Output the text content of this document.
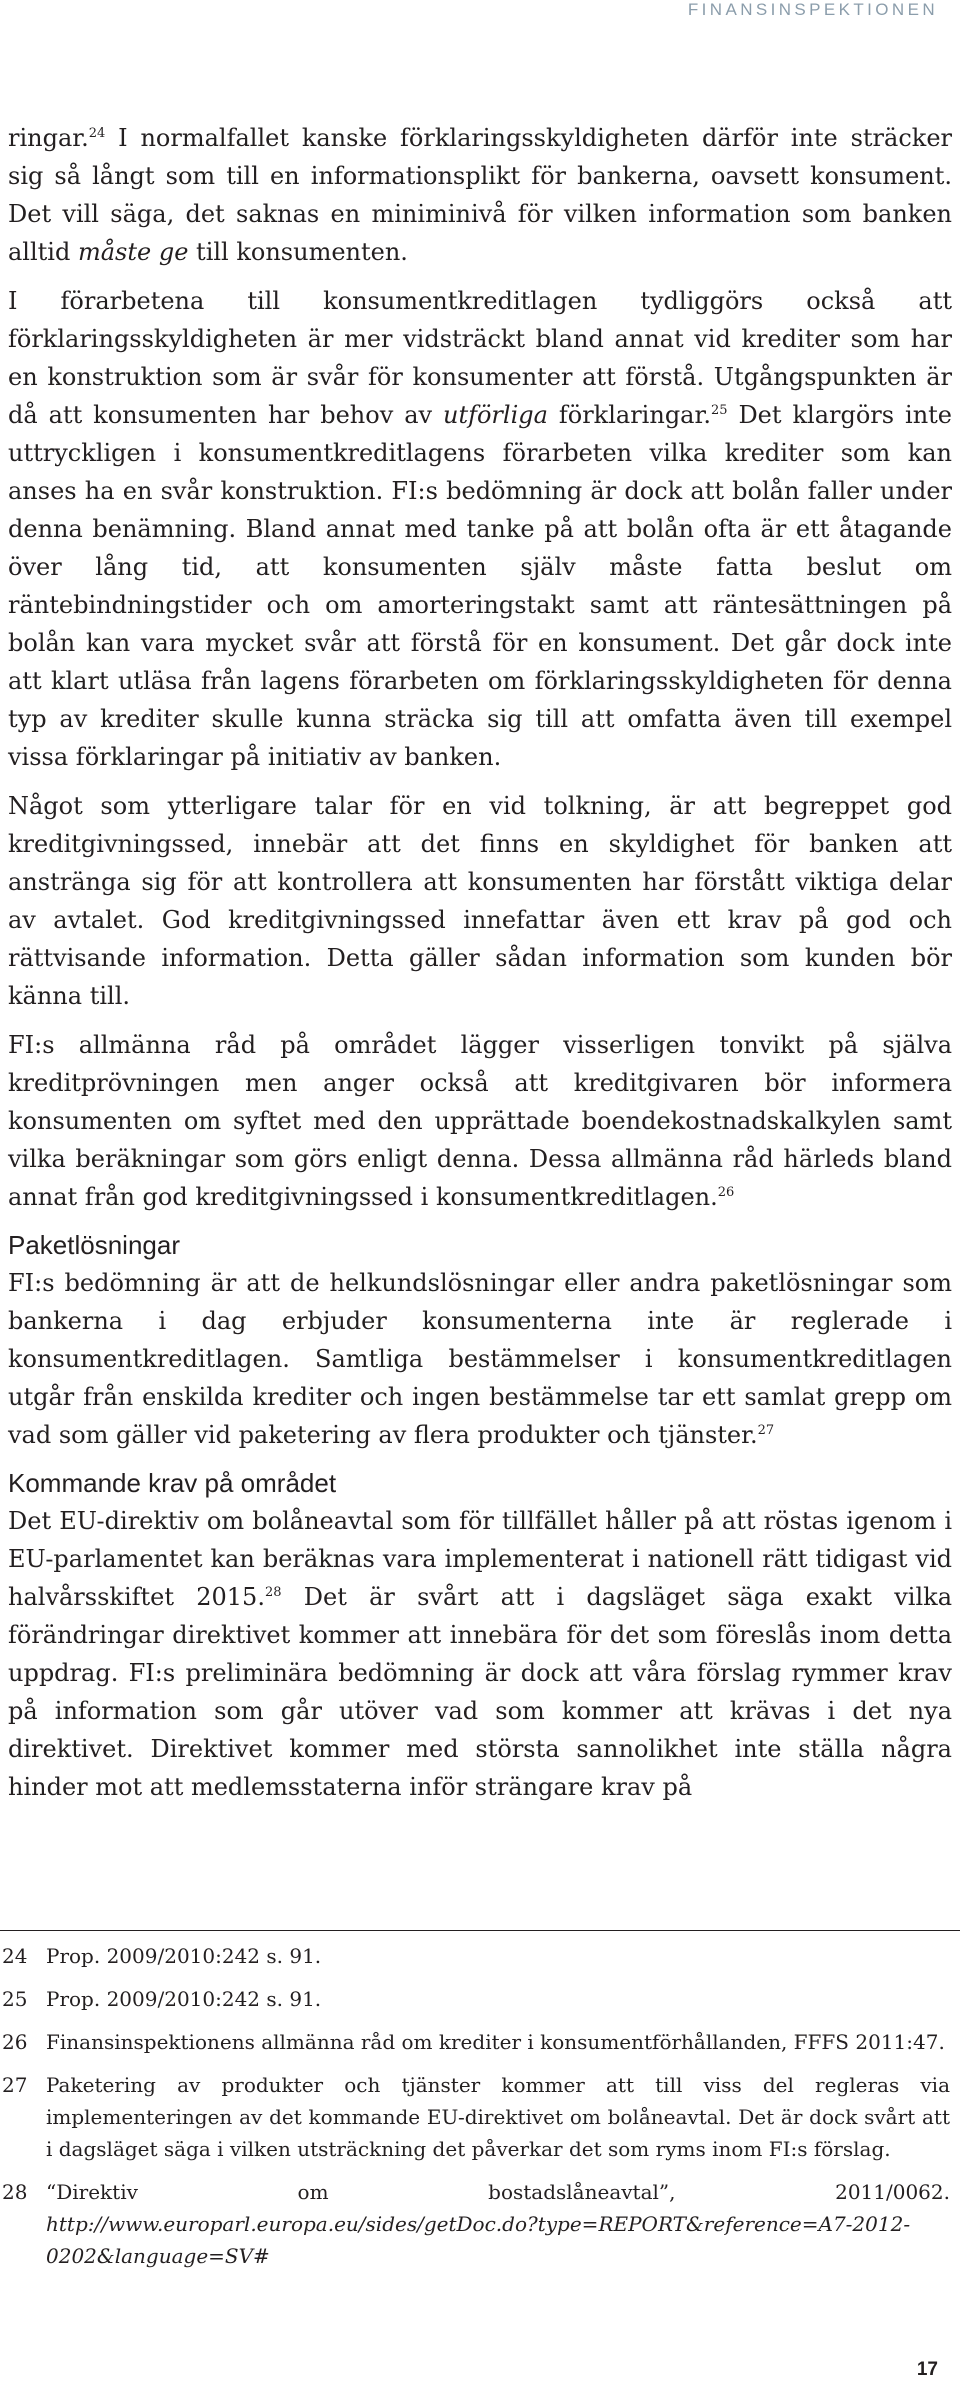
FINANSINSPEKTIONEN

ringar.$^{24}$ I normalfallet kanske förklaringsskyldigheten därför inte sträcker sig så långt som till en informationsplikt för bankerna, oavsett konsument. Det vill säga, det saknas en miniminivå för vilken information som banken alltid måste ge till konsumenten.

I förarbetena till konsumentkreditlagen tydliggörs också att förklaringsskyldigheten är mer vidsträckt bland annat vid krediter som har en konstruktion som är svår för konsumenter att förstå. Utgångspunkten är då att konsumenten har behov av utförliga förklaringar.$^{25}$ Det klargörs inte uttryckligen i konsumentkreditlagens förarbeten vilka krediter som kan anses ha en svår konstruktion. FI:s bedömning är dock att bolån faller under denna benämning. Bland annat med tanke på att bolån ofta är ett åtagande över lång tid, att konsumenten själv måste fatta beslut om räntebindningstider och om amorteringstakt samt att räntesättningen på bolån kan vara mycket svår att förstå för en konsument. Det går dock inte att klart utläsa från lagens förarbeten om förklaringsskyldigheten för denna typ av krediter skulle kunna sträcka sig till att omfatta även till exempel vissa förklaringar på initiativ av banken.

Något som ytterligare talar för en vid tolkning, är att begreppet god kreditgivningssed, innebär att det finns en skyldighet för banken att anstränga sig för att kontrollera att konsumenten har förstått viktiga delar av avtalet. God kreditgivningssed innefattar även ett krav på god och rättvisande information. Detta gäller sådan information som kunden bör känna till.

FI:s allmänna råd på området lägger visserligen tonvikt på själva kreditprövningen men anger också att kreditgivaren bör informera konsumenten om syftet med den upprättade boendekostnadskalkylen samt vilka beräkningar som görs enligt denna. Dessa allmänna råd härleds bland annat från god kreditgivningssed i konsumentkreditlagen.$^{26}$

Paketlösningar

FI:s bedömning är att de helkundslösningar eller andra paketlösningar som bankerna i dag erbjuder konsumenterna inte är reglerade i konsumentkreditlagen. Samtliga bestämmelser i konsumentkreditlagen utgår från enskilda krediter och ingen bestämmelse tar ett samlat grepp om vad som gäller vid paketering av flera produkter och tjänster.$^{27}$

Kommande krav på området

Det EU-direktiv om bolåneavtal som för tillfället håller på att röstas igenom i EU-parlamentet kan beräknas vara implementerat i nationell rätt tidigast vid halvårsskiftet 2015.28 Det är svårt att i dagsläget säga exakt vilka förändringar direktivet kommer att innebära för det som föreslås inom detta uppdrag. FI:s preliminära bedömning är dock att våra förslag rymmer krav på information som går utöver vad som kommer att krävas i det nya direktivet. Direktivet kommer med största sannolikhet inte ställa några hinder mot att medlemsstaterna inför strängare krav på

24 Prop. 2009/2010:242 s. 91.
25 Prop. 2009/2010:242 s. 91.
26 Finansinspektionens allmänna råd om krediter i konsumentförhållanden, FFFS 2011:47.
27 Paketering av produkter och tjänster kommer att till viss del regleras via implementeringen av det kommande EU-direktivet om bolåneavtal. Det är dock svårt att i dagsläget säga i vilken utsträckning det påverkar det som ryms inom FI:s förslag.
28 “Direktiv om bostadslåneavtal”, 2011/0062. http://www.europarl.europa.eu/sides/getDoc.do?type=REPORT&reference=A7-2012-0202&language=SV#
17
